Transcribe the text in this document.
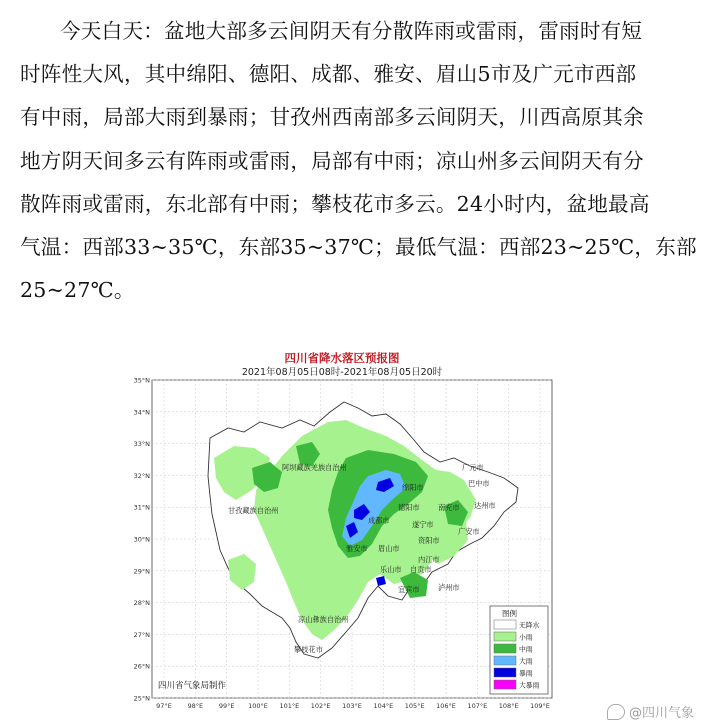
今天白天：盆地大部多云间阴天有分散阵雨或雷雨，雷雨时有短
时阵性大风，其中绵阳、德阳、成都、雅安、眉山5市及广元市西部
有中雨，局部大雨到暴雨；甘孜州西南部多云间阴天，川西高原其余
地方阴天间多云有阵雨或雷雨，局部有中雨；凉山州多云间阴天有分
散阵雨或雷雨，东北部有中雨；攀枝花市多云。24小时内，盆地最高
气温：西部33~35℃，东部35~37℃；最低气温：西部23~25℃，东部
25~27℃。
四川省降水落区预报图
2021年08月05日08时-2021年08月05日20时
35°N
34°N
33°N
32°N
31°N
30°N
29°N
28°N
27°N
26°N
25°N
97°E 98°E 99°E 100°E 101°E 102°E 103°E 104°E 105°E 106°E 107°E 108°E 109°E
阿坝藏族羌族自治州	广元市
巴中市
绵阳市
达州市
德阳市	南充市
甘孜藏族自治州
成都市	遂宁市
广安市
雅安市 眉山市
资阳市
内江市
乐山市 自贡市
宜宾市	泸州市
凉山彝族自治州
攀枝花市
四川省气象局制作
图例
无降水
小雨
中雨
大雨
暴雨
大暴雨
@四川气象
